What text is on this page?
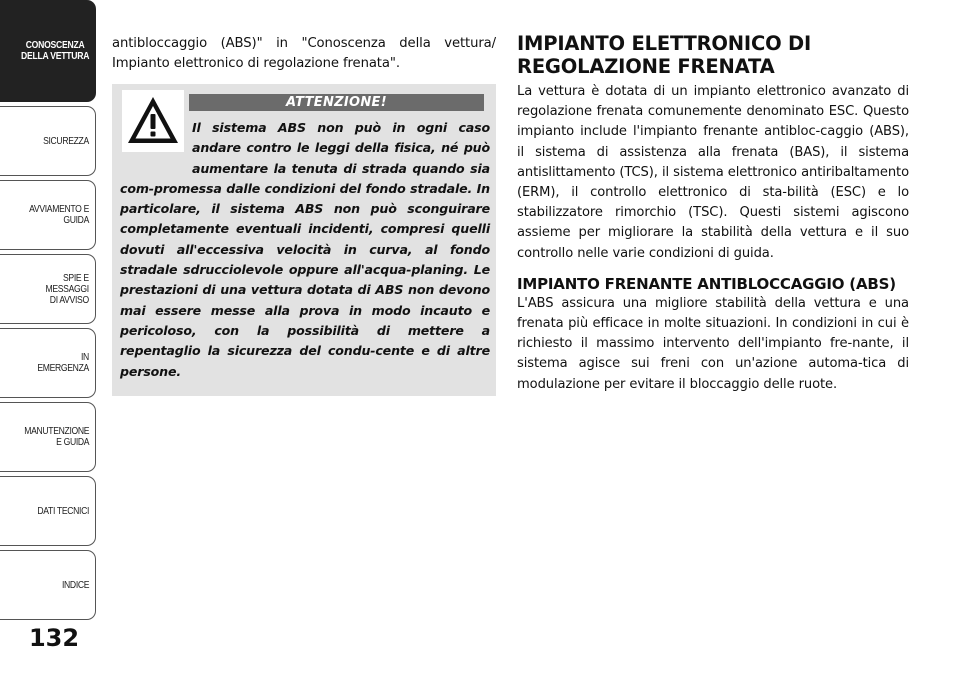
CONOSCENZA
DELLA VETTURA
SICUREZZA
AVVIAMENTO E
GUIDA
SPIE E
MESSAGGI
DI AVVISO
IN
EMERGENZA
MANUTENZIONE
E GUIDA
DATI TECNICI
INDICE
132

antibloccaggio (ABS)" in "Conoscenza della vettura/ Impianto elettronico di regolazione frenata".

ATTENZIONE!

Il sistema ABS non può in ogni caso andare contro le leggi della fisica, né può aumentare la tenuta di strada quando sia com-promessa dalle condizioni del fondo stradale. In particolare, il sistema ABS non può sconguirare completamente eventuali incidenti, compresi quelli dovuti all'eccessiva velocità in curva, al fondo stradale sdrucciolevole oppure all'acqua-planing. Le prestazioni di una vettura dotata di ABS non devono mai essere messe alla prova in modo incauto e pericoloso, con la possibilità di mettere a repentaglio la sicurezza del condu-cente e di altre persone.

IMPIANTO ELETTRONICO DI REGOLAZIONE FRENATA

La vettura è dotata di un impianto elettronico avanzato di regolazione frenata comunemente denominato ESC. Questo impianto include l'impianto frenante antibloc-caggio (ABS), il sistema di assistenza alla frenata (BAS), il sistema antislittamento (TCS), il sistema elettronico antiribaltamento (ERM), il controllo elettronico di sta-bilità (ESC) e lo stabilizzatore rimorchio (TSC). Questi sistemi agiscono assieme per migliorare la stabilità della vettura e il suo controllo nelle varie condizioni di guida.

IMPIANTO FRENANTE ANTIBLOCCAGGIO (ABS)

L'ABS assicura una migliore stabilità della vettura e una frenata più efficace in molte situazioni. In condizioni in cui è richiesto il massimo intervento dell'impianto fre-nante, il sistema agisce sui freni con un'azione automa-tica di modulazione per evitare il bloccaggio delle ruote.
